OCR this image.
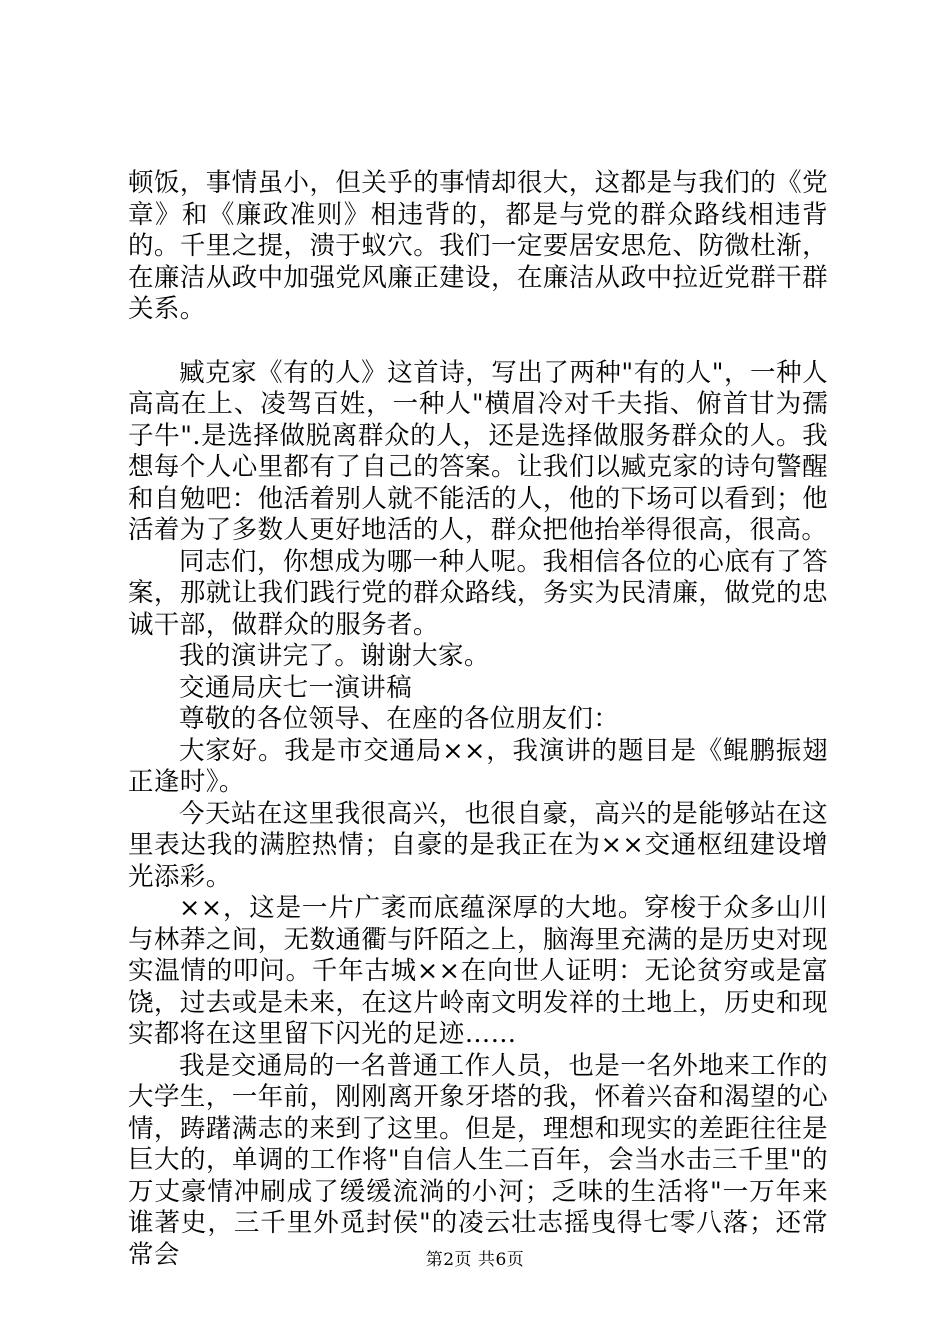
顿饭，事情虽小，但关乎的事情却很大，这都是与我们的《党章》和《廉政准则》相违背的，都是与党的群众路线相违背的。千里之提，溃于蚁穴。我们一定要居安思危、防微杜渐，在廉洁从政中加强党风廉正建设，在廉洁从政中拉近党群干群关系。

臧克家《有的人》这首诗，写出了两种"有的人"，一种人高高在上、凌驾百姓，一种人"横眉冷对千夫指、俯首甘为孺子牛".是选择做脱离群众的人，还是选择做服务群众的人。我想每个人心里都有了自己的答案。让我们以臧克家的诗句警醒和自勉吧：他活着别人就不能活的人，他的下场可以看到；他活着为了多数人更好地活的人，群众把他抬举得很高，很高。

同志们，你想成为哪一种人呢。我相信各位的心底有了答案，那就让我们践行党的群众路线，务实为民清廉，做党的忠诚干部，做群众的服务者。

我的演讲完了。谢谢大家。

交通局庆七一演讲稿

尊敬的各位领导、在座的各位朋友们：

大家好。我是市交通局××，我演讲的题目是《鲲鹏振翅正逢时》。

今天站在这里我很高兴，也很自豪，高兴的是能够站在这里表达我的满腔热情；自豪的是我正在为××交通枢纽建设增光添彩。

××，这是一片广袤而底蕴深厚的大地。穿梭于众多山川与林莽之间，无数通衢与阡陌之上，脑海里充满的是历史对现实温情的叩问。千年古城××在向世人证明：无论贫穷或是富饶，过去或是未来，在这片岭南文明发祥的土地上，历史和现实都将在这里留下闪光的足迹……

我是交通局的一名普通工作人员，也是一名外地来工作的大学生，一年前，刚刚离开象牙塔的我，怀着兴奋和渴望的心情，踌躇满志的来到了这里。但是，理想和现实的差距往往是巨大的，单调的工作将"自信人生二百年，会当水击三千里"的万丈豪情冲刷成了缓缓流淌的小河；乏味的生活将"一万年来谁著史，三千里外觅封侯"的凌云壮志摇曳得七零八落；还常常会	第2页 共6页
